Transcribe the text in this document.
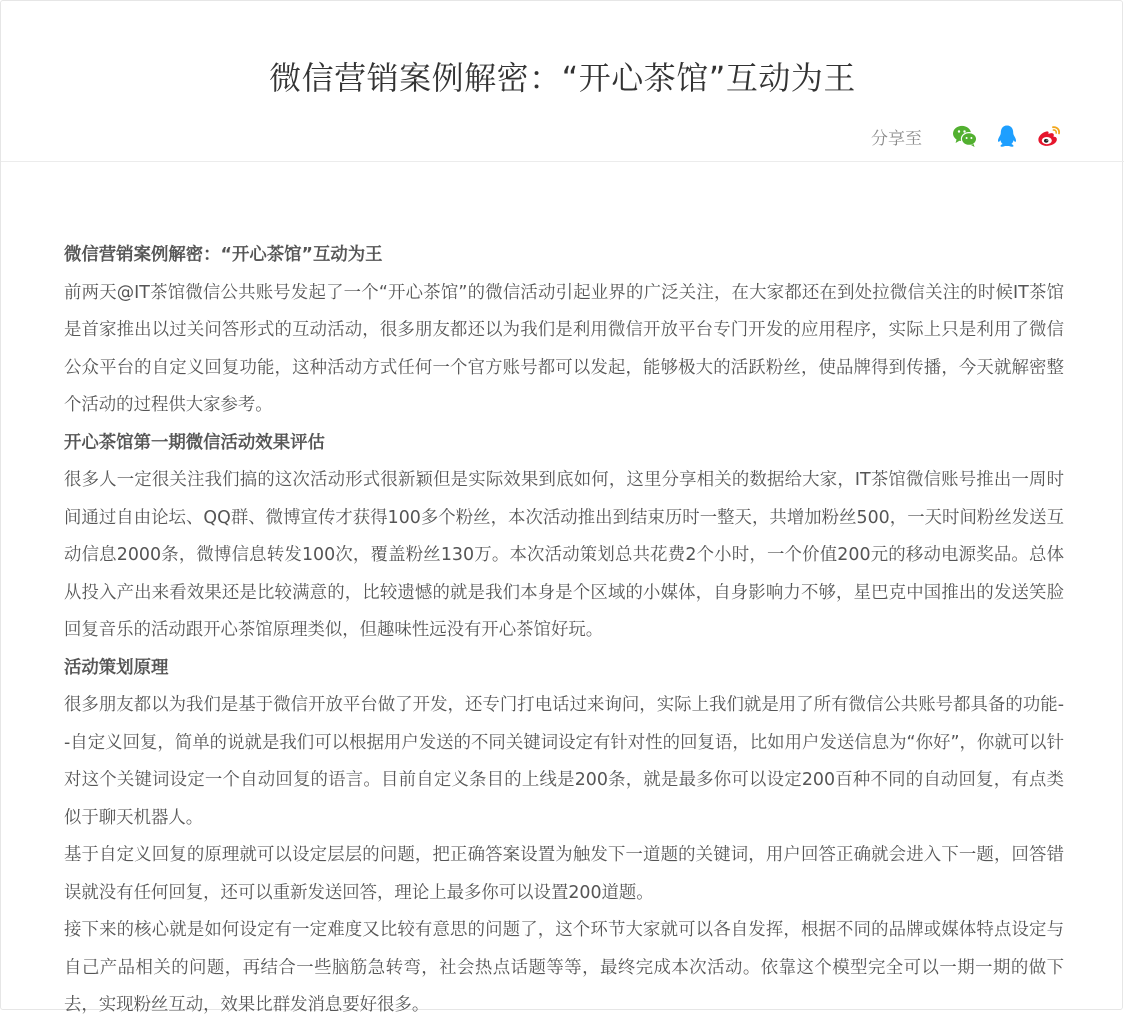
微信营销案例解密：“开心茶馆”互动为王
分享至

微信营销案例解密：“开心茶馆”互动为王

前两天@IT茶馆微信公共账号发起了一个“开心茶馆”的微信活动引起业界的广泛关注，在大家都还在到处拉微信关注的时候IT茶馆是首家推出以过关问答形式的互动活动，很多朋友都还以为我们是利用微信开放平台专门开发的应用程序，实际上只是利用了微信公众平台的自定义回复功能，这种活动方式任何一个官方账号都可以发起，能够极大的活跃粉丝，使品牌得到传播，今天就解密整个活动的过程供大家参考。

开心茶馆第一期微信活动效果评估

很多人一定很关注我们搞的这次活动形式很新颖但是实际效果到底如何，这里分享相关的数据给大家，IT茶馆微信账号推出一周时间通过自由论坛、QQ群、微博宣传才获得100多个粉丝，本次活动推出到结束历时一整天，共增加粉丝500，一天时间粉丝发送互动信息2000条，微博信息转发100次，覆盖粉丝130万。本次活动策划总共花费2个小时，一个价值200元的移动电源奖品。总体从投入产出来看效果还是比较满意的，比较遗憾的就是我们本身是个区域的小媒体，自身影响力不够，星巴克中国推出的发送笑脸回复音乐的活动跟开心茶馆原理类似，但趣味性远没有开心茶馆好玩。

活动策划原理

很多朋友都以为我们是基于微信开放平台做了开发，还专门打电话过来询问，实际上我们就是用了所有微信公共账号都具备的功能--自定义回复，简单的说就是我们可以根据用户发送的不同关键词设定有针对性的回复语，比如用户发送信息为“你好”，你就可以针对这个关键词设定一个自动回复的语言。目前自定义条目的上线是200条，就是最多你可以设定200百种不同的自动回复，有点类似于聊天机器人。

基于自定义回复的原理就可以设定层层的问题，把正确答案设置为触发下一道题的关键词，用户回答正确就会进入下一题，回答错误就没有任何回复，还可以重新发送回答，理论上最多你可以设置200道题。

接下来的核心就是如何设定有一定难度又比较有意思的问题了，这个环节大家就可以各自发挥，根据不同的品牌或媒体特点设定与自己产品相关的问题，再结合一些脑筋急转弯，社会热点话题等等，最终完成本次活动。依靠这个模型完全可以一期一期的做下去，实现粉丝互动，效果比群发消息要好很多。
